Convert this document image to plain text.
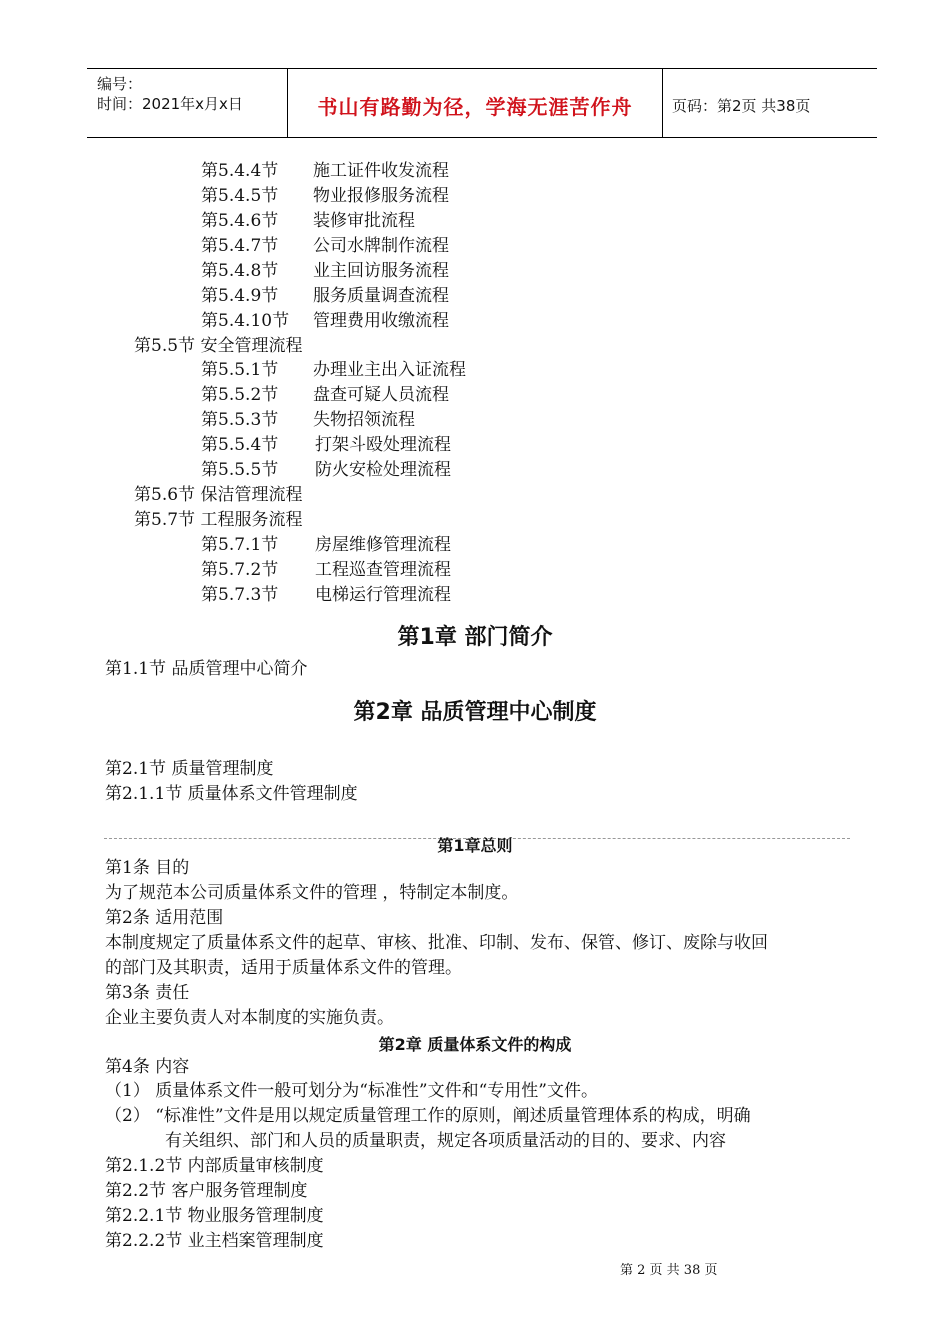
编号：
时间：2021年x月x日	书山有路勤为径，学海无涯苦作舟	页码：第2页 共38页
第5.4.4节 施工证件收发流程
第5.4.5节 物业报修服务流程
第5.4.6节 装修审批流程
第5.4.7节 公司水牌制作流程
第5.4.8节 业主回访服务流程
第5.4.9节 服务质量调查流程
第5.4.10节 管理费用收缴流程
第5.5节 安全管理流程
第5.5.1节 办理业主出入证流程
第5.5.2节 盘查可疑人员流程
第5.5.3节 失物招领流程
第5.5.4节 打架斗殴处理流程
第5.5.5节 防火安检处理流程
第5.6节 保洁管理流程
第5.7节 工程服务流程
第5.7.1节 房屋维修管理流程
第5.7.2节 工程巡查管理流程
第5.7.3节 电梯运行管理流程
第1章 部门简介
第1.1节 品质管理中心简介
第2章 品质管理中心制度
第2.1节 质量管理制度
第2.1.1节 质量体系文件管理制度
第1章总则
第1条 目的
为了规范本公司质量体系文件的管理 ，特制定本制度。
第2条 适用范围
本制度规定了质量体系文件的起草、审核、批准、印制、发布、保管、修订、废除与收回
的部门及其职责，适用于质量体系文件的管理。
第3条 责任
企业主要负责人对本制度的实施负责。
第2章 质量体系文件的构成
第4条 内容
（1） 质量体系文件一般可划分为“标准性”文件和“专用性”文件。
（2） “标准性”文件是用以规定质量管理工作的原则，阐述质量管理体系的构成，明确
有关组织、部门和人员的质量职责，规定各项质量活动的目的、要求、内容
第2.1.2节 内部质量审核制度
第2.2节 客户服务管理制度
第2.2.1节 物业服务管理制度
第2.2.2节 业主档案管理制度
第 2 页 共 38 页
